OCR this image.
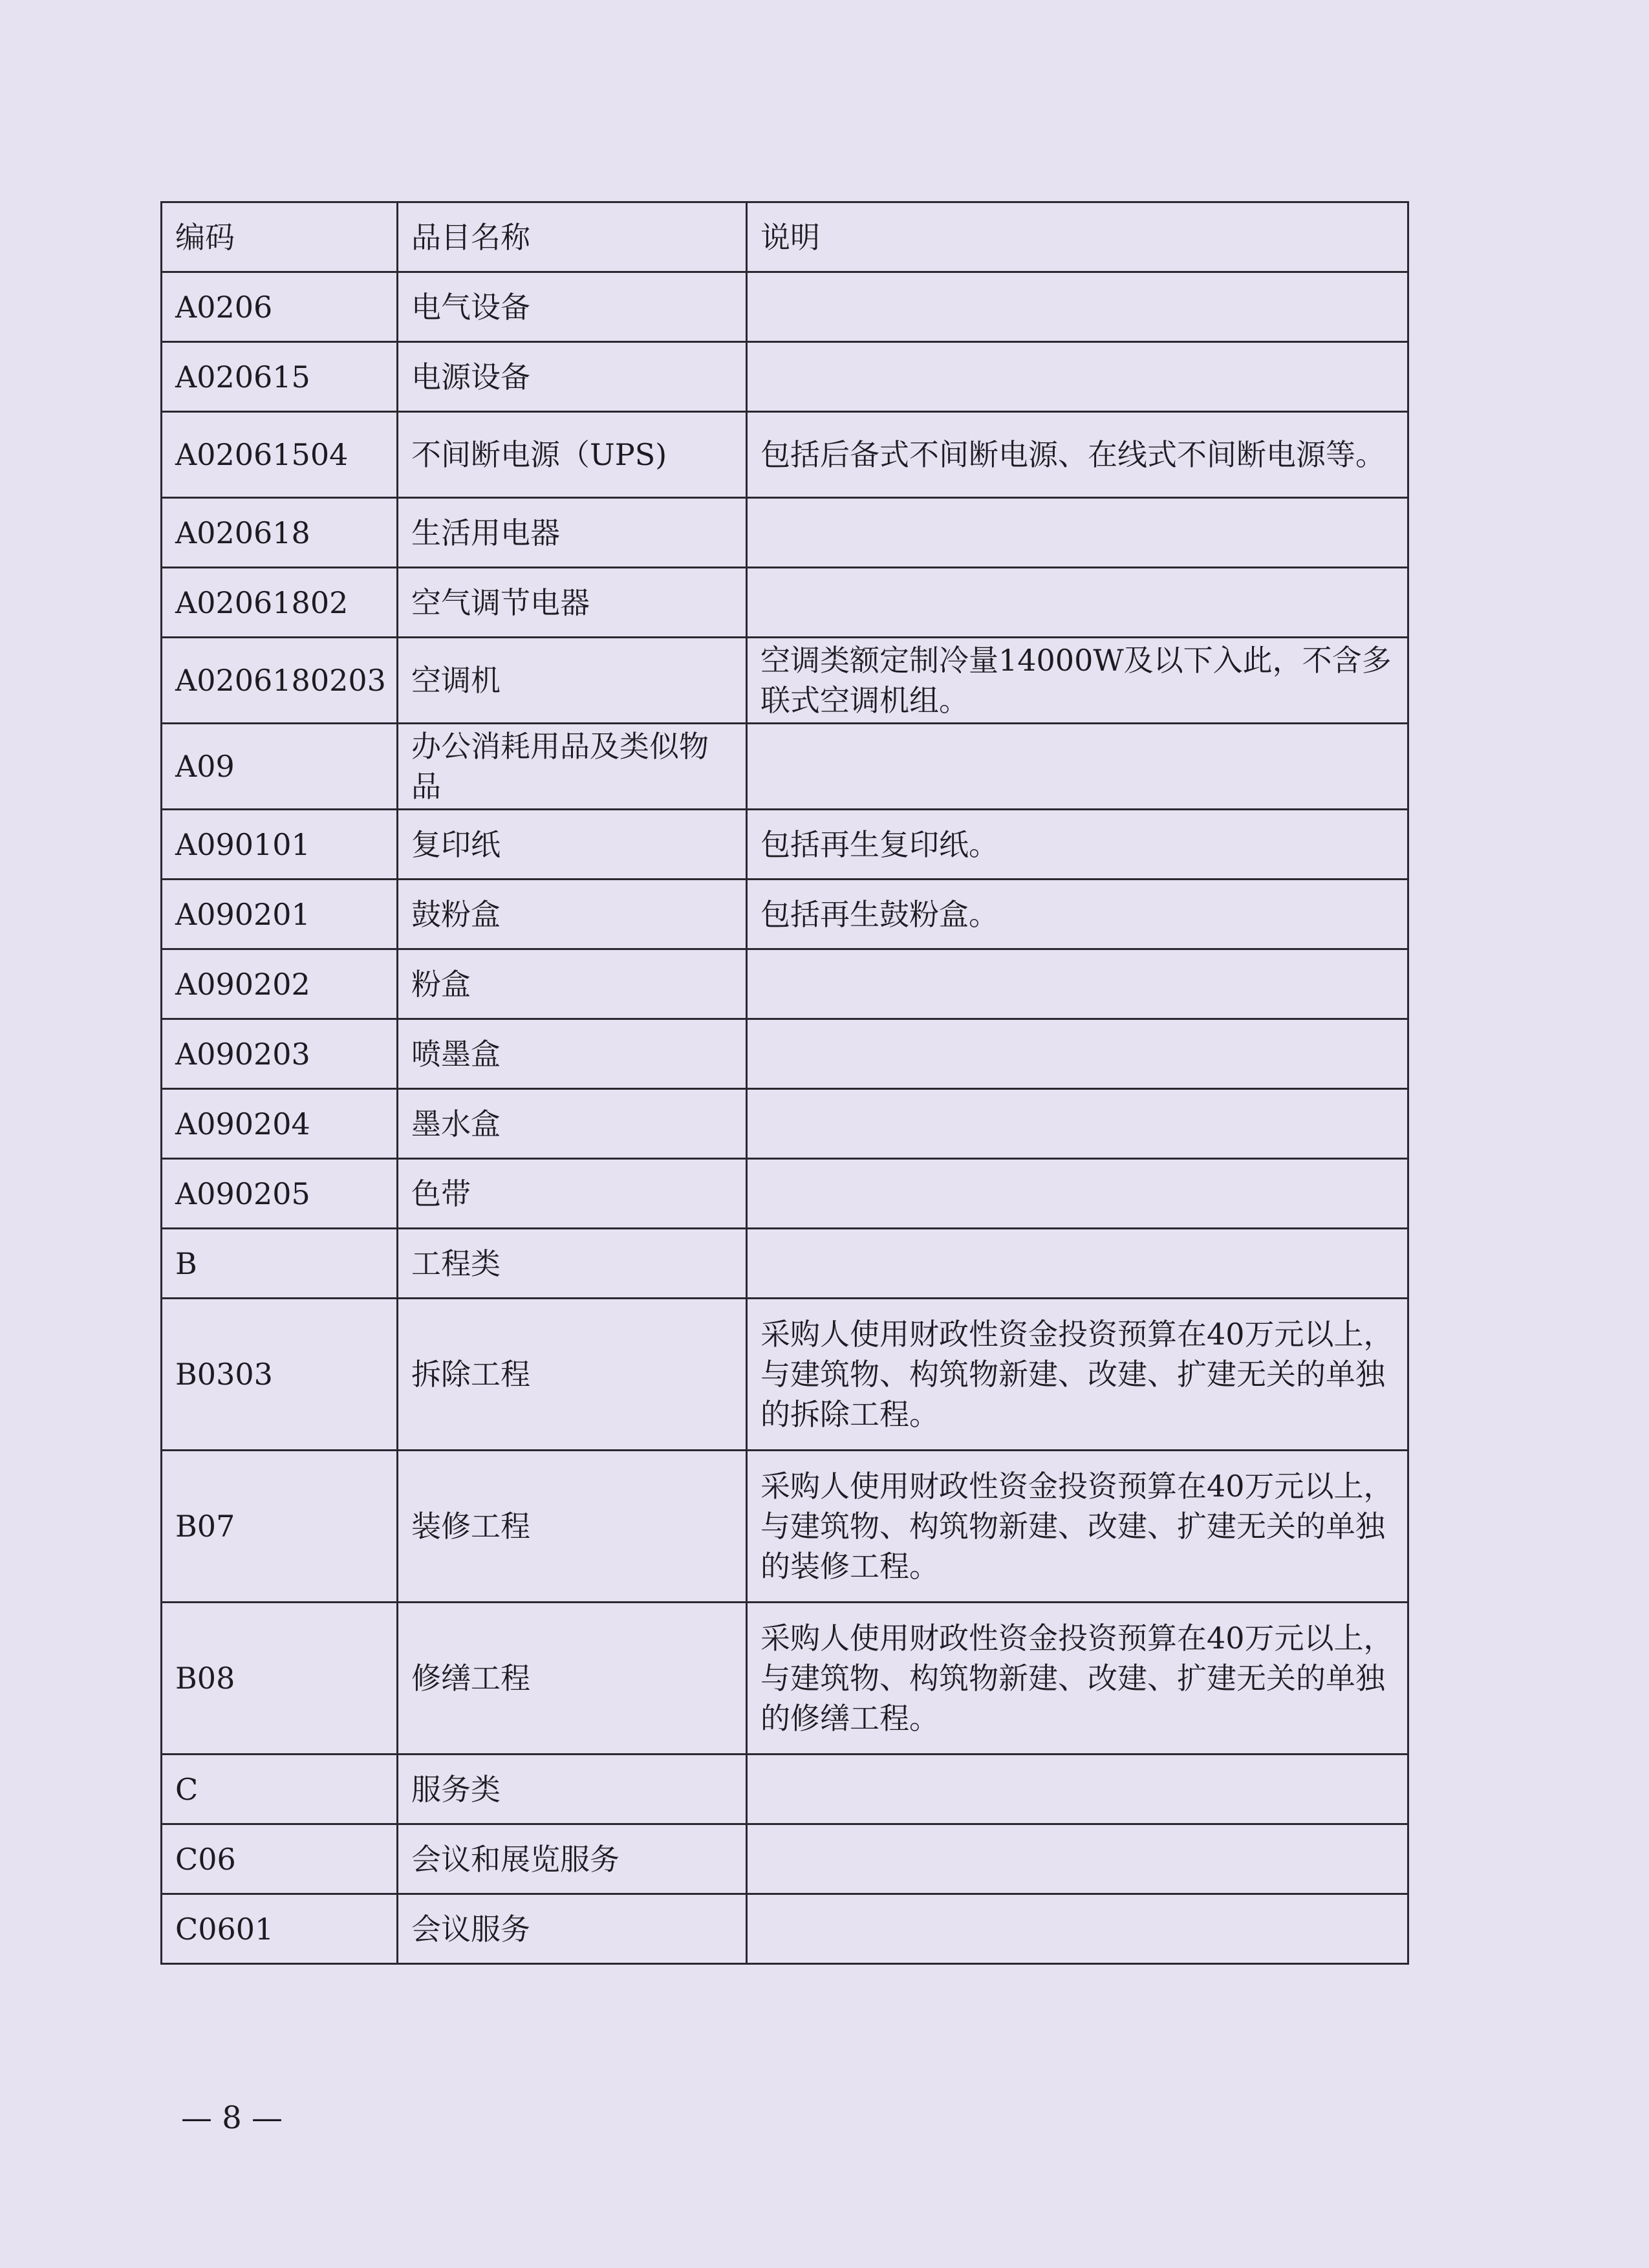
编码	品目名称	说明
A0206	电气设备	
A020615	电源设备	
A02061504	不间断电源（UPS)	包括后备式不间断电源、在线式不间断电源等。
A020618	生活用电器	
A02061802	空气调节电器	
A0206180203	空调机	空调类额定制冷量14000W及以下入此，不含多联式空调机组。
A09	办公消耗用品及类似物品	
A090101	复印纸	包括再生复印纸。
A090201	鼓粉盒	包括再生鼓粉盒。
A090202	粉盒	
A090203	喷墨盒	
A090204	墨水盒	
A090205	色带	
B	工程类	
B0303	拆除工程	采购人使用财政性资金投资预算在40万元以上，与建筑物、构筑物新建、改建、扩建无关的单独的拆除工程。
B07	装修工程	采购人使用财政性资金投资预算在40万元以上，与建筑物、构筑物新建、改建、扩建无关的单独的装修工程。
B08	修缮工程	采购人使用财政性资金投资预算在40万元以上，与建筑物、构筑物新建、改建、扩建无关的单独的修缮工程。
C	服务类	
C06	会议和展览服务	
C0601	会议服务	
— 8 —
